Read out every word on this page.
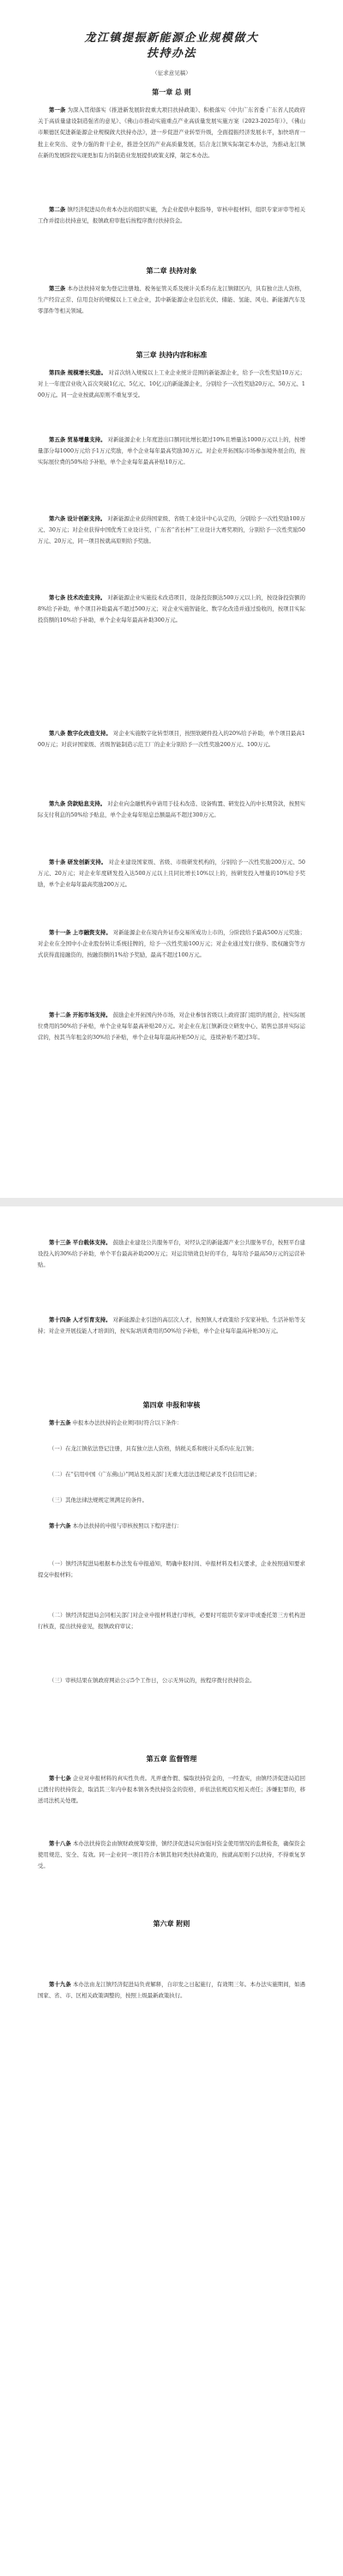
龙江镇提振新能源企业规模做大
扶持办法
（征求意见稿）
第一章 总 则
第一条 为深入贯彻落实《推进新发展阶段重大项目扶持政策》、积极落实《中共广东省委 广东省人民政府关于高质量建设制造强省的意见》、《佛山市推动实施重点产业高质量发展实施方案（2023-2025年）》、《佛山市顺德区促进新能源企业规模做大扶持办法》，进一步促进产业转型升级，全面提振经济发展水平，加快培育一批主业突出、竞争力强的骨干企业，推进全区的产业高质量发展，结合龙江镇实际制定本办法，为推动龙江镇在新的发展阶段实现更加有力的制造业发展提供政策支撑，制定本办法。
第二条 镇经济促进局负责本办法的组织实施，为企业提供申报指导，审核申报材料，组织专家评审等相关工作并提出扶持意见，报镇政府审批后按程序拨付扶持资金。
第二章 扶持对象
第三条 本办法扶持对象为登记注册地、税务征管关系及统计关系均在龙江镇辖区内，具有独立法人资格，生产经营正常、信用良好的规模以上工业企业，其中新能源企业包括光伏、储能、氢能、风电、新能源汽车及零部件等相关领域。
第三章 扶持内容和标准
第四条 规模增长奖励。 对首次纳入规模以上工业企业统计范围的新能源企业，给予一次性奖励10万元；对上一年度营业收入首次突破1亿元、5亿元、10亿元的新能源企业，分别给予一次性奖励20万元、50万元、100万元。同一企业按就高原则不重复享受。
第五条 贸易增量支持。 对新能源企业上年度进出口额同比增长超过10%且增量达1000万元以上的，按增量部分每1000万元给予1万元奖励，单个企业每年最高奖励30万元。对企业开拓国际市场参加境外展会的，按实际展位费的50%给予补贴，单个企业每年最高补贴10万元。
第六条 设计创新支持。 对新能源企业获得国家级、省级工业设计中心认定的，分别给予一次性奖励100万元、30万元；对企业获得中国优秀工业设计奖、广东省“省长杯”工业设计大赛奖项的，分别给予一次性奖励50万元、20万元，同一项目按就高原则给予奖励。
第七条 技术改造支持。 对新能源企业实施技术改造项目，设备投资额达500万元以上的，按设备投资额的8%给予补助，单个项目补助最高不超过500万元；对企业实施智能化、数字化改造并通过验收的，按项目实际投资额的10%给予补助，单个企业每年最高补助300万元。
第八条 数字化改造支持。 对企业实施数字化转型项目，按照软硬件投入的20%给予补助，单个项目最高100万元；对获评国家级、省级智能制造示范工厂的企业分别给予一次性奖励200万元、100万元。
第九条 贷款贴息支持。 对企业向金融机构申请用于技术改造、设备购置、研发投入的中长期贷款，按照实际支付利息的50%给予贴息，单个企业每年贴息总额最高不超过300万元。
第十条 研发创新支持。 对企业建设国家级、省级、市级研发机构的，分别给予一次性奖励200万元、50万元、20万元；对企业年度研发投入达500万元以上且同比增长10%以上的，按研发投入增量的10%给予奖励，单个企业每年最高奖励200万元。
第十一条 上市融资支持。 对新能源企业在境内外证券交易所成功上市的，分阶段给予最高500万元奖励；对企业在全国中小企业股份转让系统挂牌的，给予一次性奖励100万元；对企业通过发行债券、股权融资等方式获得直接融资的，按融资额的1%给予奖励，最高不超过100万元。
第十二条 开拓市场支持。 鼓励企业开拓国内外市场，对企业参加省级以上政府部门组织的展会，按实际展位费用的50%给予补贴，单个企业每年最高补贴20万元。对企业在龙江镇新设立研发中心、销售总部并实际运营的，按其当年租金的30%给予补贴，单个企业每年最高补贴50万元，连续补贴不超过3年。
第十三条 平台载体支持。 鼓励企业建设公共服务平台，对经认定的新能源产业公共服务平台，按照平台建设投入的30%给予补助，单个平台最高补助200万元；对运营绩效良好的平台，每年给予最高50万元的运营补贴。
第十四条 人才引育支持。 对新能源企业引进的高层次人才，按照镇人才政策给予安家补贴、生活补贴等支持；对企业开展技能人才培训的，按实际培训费用的50%给予补贴，单个企业每年最高补贴30万元。
第四章 申报和审核
第十五条 申报本办法扶持的企业须同时符合以下条件：
（一）在龙江镇依法登记注册，具有独立法人资格，纳税关系和统计关系均在龙江镇；
（二）在“信用中国（广东佛山）”网站及相关部门无重大违法违规记录及不良信用记录；
（三）其他法律法规规定须满足的条件。
第十六条 本办法扶持的申报与审核按照以下程序进行：
（一）镇经济促进局根据本办法发布申报通知，明确申报时间、申报材料及相关要求，企业按照通知要求提交申报材料；
（二）镇经济促进局会同相关部门对企业申报材料进行审核，必要时可组织专家评审或委托第三方机构进行核查，提出扶持意见，报镇政府审议；
（三）审核结果在镇政府网站公示5个工作日，公示无异议的，按程序拨付扶持资金。
第五章 监督管理
第十七条 企业对申报材料的真实性负责。凡弄虚作假、骗取扶持资金的，一经查实，由镇经济促进局追回已拨付的扶持资金，取消其三年内申报本镇各类扶持资金的资格，并依法依规追究相关责任；涉嫌犯罪的，移送司法机关处理。
第十八条 本办法扶持资金由镇财政统筹安排，镇经济促进局应加强对资金使用情况的监督检查，确保资金使用规范、安全、有效。同一企业同一项目符合本镇其他同类扶持政策的，按就高原则予以扶持，不得重复享受。
第六章 附则
第十九条 本办法由龙江镇经济促进局负责解释，自印发之日起施行，有效期三年。本办法实施期间，如遇国家、省、市、区相关政策调整的，按照上级最新政策执行。
